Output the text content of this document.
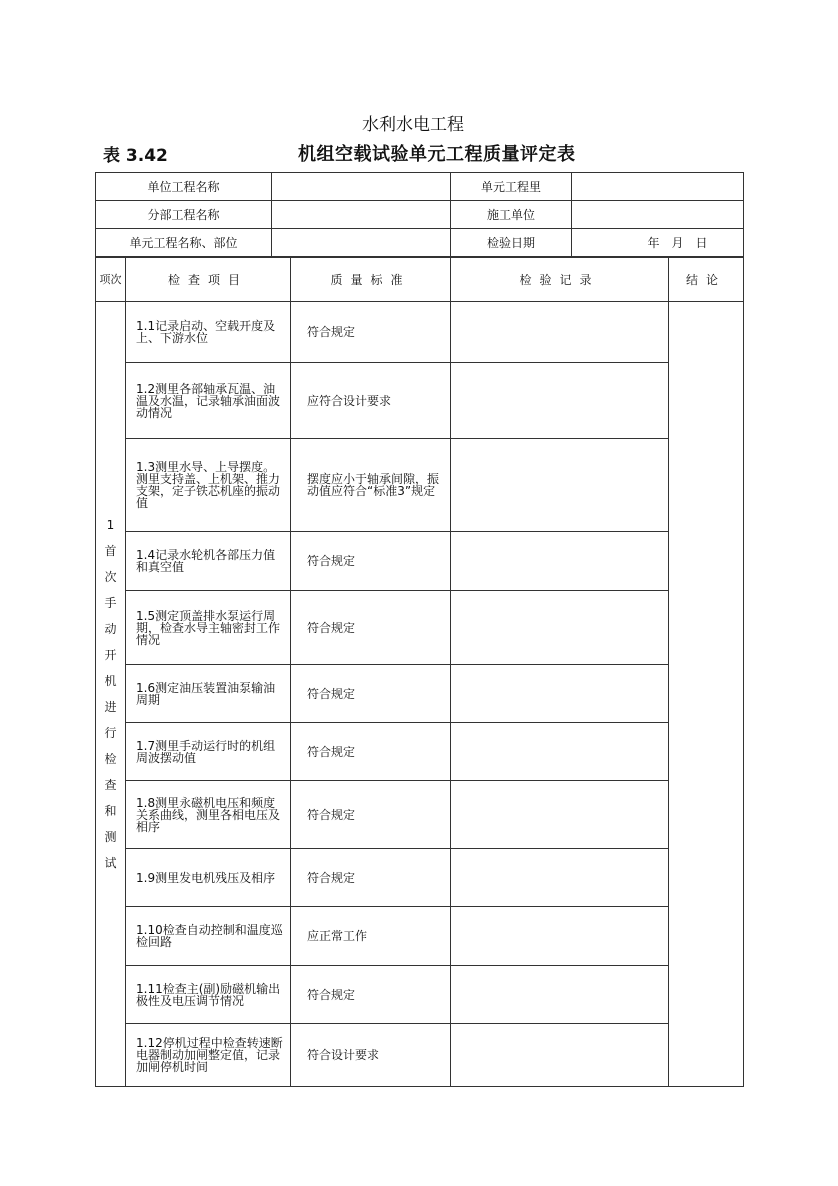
水利水电工程
表 3.42	机组空载试验单元工程质量评定表
单位工程名称		单元工程里	
分部工程名称		施工单位	
单元工程名称、部位		检验日期	年　月　日
项次	检查项目	质量标准	检验记录	结论

1
首次手动开机进行检查和测试	1.1记录启动、空载开度及上、下游水位	符合规定		
	1.2测里各部轴承瓦温、油温及水温，记录轴承油面波动情况	应符合设计要求		
	1.3测里水导、上导摆度。测里支持盖、上机架、推力支架，定子铁芯机座的振动值	摆度应小于轴承间隙，振动值应符合“标准3”规定		
	1.4记录水轮机各部压力值和真空值	符合规定		
	1.5测定顶盖排水泵运行周期，检查水导主轴密封工作情况	符合规定		
	1.6测定油压装置油泵输油周期	符合规定		
	1.7测里手动运行时的机组周波摆动值	符合规定		
	1.8测里永磁机电压和频度关系曲线，测里各相电压及相序	符合规定		
	1.9测里发电机残压及相序	符合规定		
	1.10检查自动控制和温度巡检回路	应正常工作		
	1.11检查主(副)励磁机输出极性及电压调节情况	符合规定		
	1.12停机过程中检查转速断电器制动加闸整定值，记录加闸停机时间	符合设计要求		
